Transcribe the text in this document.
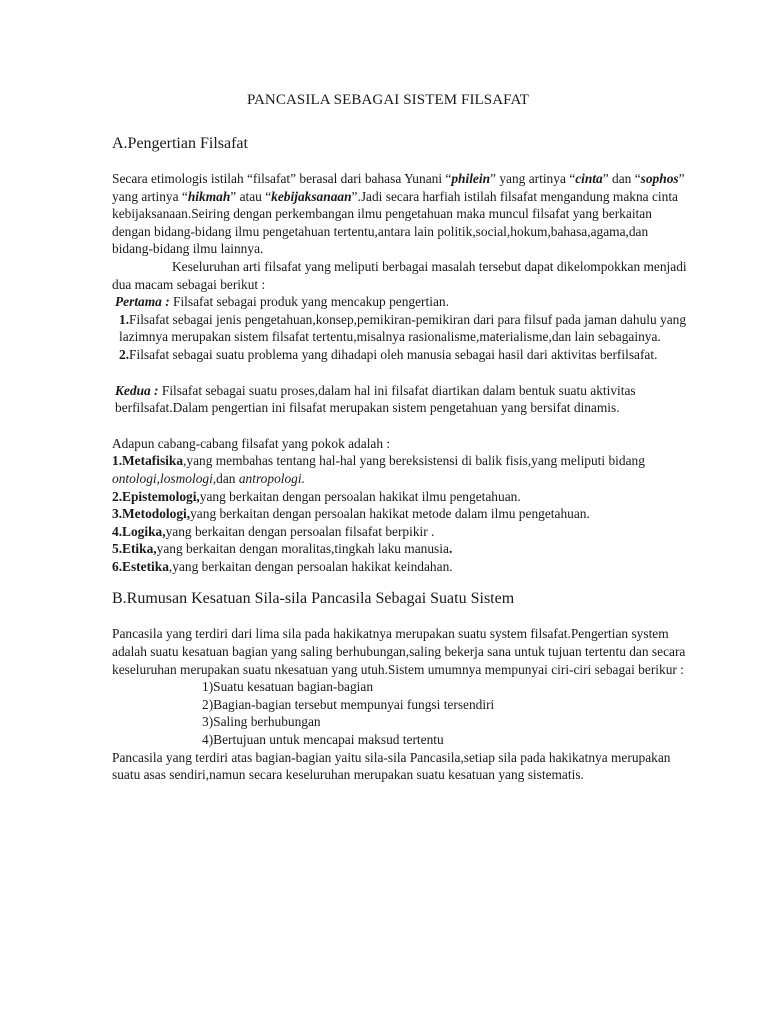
PANCASILA SEBAGAI SISTEM FILSAFAT
A.Pengertian Filsafat

Secara etimologis istilah “filsafat” berasal dari bahasa Yunani “philein” yang artinya “cinta” dan “sophos” yang artinya “hikmah” atau “kebijaksanaan”.Jadi secara harfiah istilah filsafat mengandung makna cinta kebijaksanaan.Seiring dengan perkembangan ilmu pengetahuan maka muncul filsafat yang berkaitan dengan bidang-bidang ilmu pengetahuan tertentu,antara lain politik,social,hokum,bahasa,agama,dan bidang-bidang ilmu lainnya.

Keseluruhan arti filsafat yang meliputi berbagai masalah tersebut dapat dikelompokkan menjadi dua macam sebagai berikut :

Pertama : Filsafat sebagai produk yang mencakup pengertian.

1.Filsafat sebagai jenis pengetahuan,konsep,pemikiran-pemikiran dari para filsuf pada jaman dahulu yang lazimnya merupakan sistem filsafat tertentu,misalnya rasionalisme,materialisme,dan lain sebagainya.

2.Filsafat sebagai suatu problema yang dihadapi oleh manusia sebagai hasil dari aktivitas berfilsafat.

Kedua : Filsafat sebagai suatu proses,dalam hal ini filsafat diartikan dalam bentuk suatu aktivitas berfilsafat.Dalam pengertian ini filsafat merupakan sistem pengetahuan yang bersifat dinamis.

Adapun cabang-cabang filsafat yang pokok adalah :

1.Metafisika,yang membahas tentang hal-hal yang bereksistensi di balik fisis,yang meliputi bidang ontologi,losmologi,dan antropologi.

2.Epistemologi,yang berkaitan dengan persoalan hakikat ilmu pengetahuan.

3.Metodologi,yang berkaitan dengan persoalan hakikat metode dalam ilmu pengetahuan.

4.Logika,yang berkaitan dengan persoalan filsafat berpikir .

5.Etika,yang berkaitan dengan moralitas,tingkah laku manusia.

6.Estetika,yang berkaitan dengan persoalan hakikat keindahan.

B.Rumusan Kesatuan Sila-sila Pancasila Sebagai Suatu Sistem

Pancasila yang terdiri dari lima sila pada hakikatnya merupakan suatu system filsafat.Pengertian system adalah suatu kesatuan bagian yang saling berhubungan,saling bekerja sana untuk tujuan tertentu dan secara keseluruhan merupakan suatu nkesatuan yang utuh.Sistem umumnya mempunyai ciri-ciri sebagai berikur :

1)Suatu kesatuan bagian-bagian
2)Bagian-bagian tersebut mempunyai fungsi tersendiri
3)Saling berhubungan
4)Bertujuan untuk mencapai maksud tertentu

Pancasila yang terdiri atas bagian-bagian yaitu sila-sila Pancasila,setiap sila pada hakikatnya merupakan suatu asas sendiri,namun secara keseluruhan merupakan suatu kesatuan yang sistematis.
